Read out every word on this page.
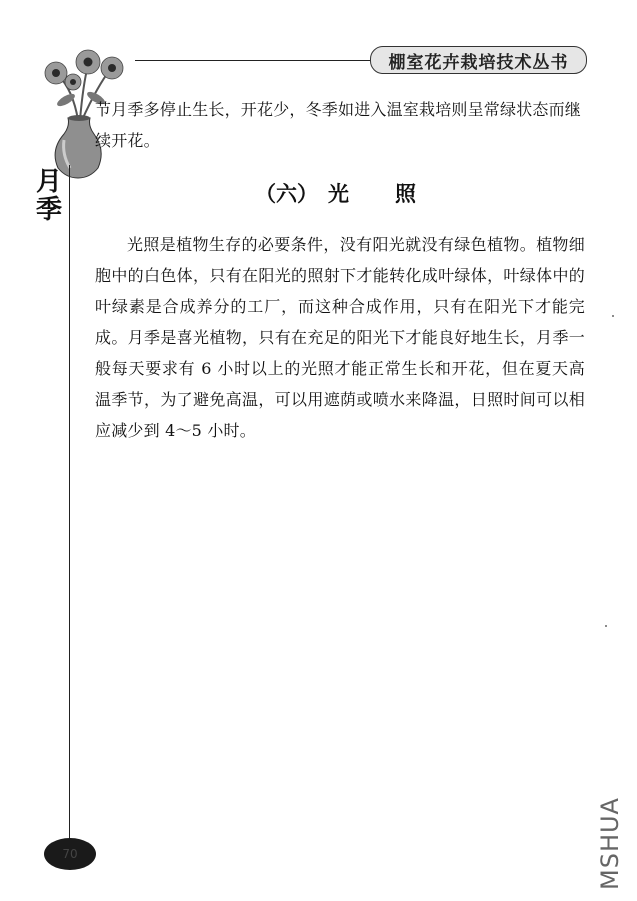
棚室花卉栽培技术丛书
月季

节月季多停止生长，开花少，冬季如进入温室栽培则呈常绿状态而继续开花。

（六） 光 照

光照是植物生存的必要条件，没有阳光就没有绿色植物。植物细胞中的白色体，只有在阳光的照射下才能转化成叶绿体，叶绿体中的叶绿素是合成养分的工厂，而这种合成作用，只有在阳光下才能完成。月季是喜光植物，只有在充足的阳光下才能良好地生长，月季一般每天要求有 6 小时以上的光照才能正常生长和开花，但在夏天高温季节，为了避免高温，可以用遮荫或喷水来降温，日照时间可以相应减少到 4～5 小时。

70	MSHUA
